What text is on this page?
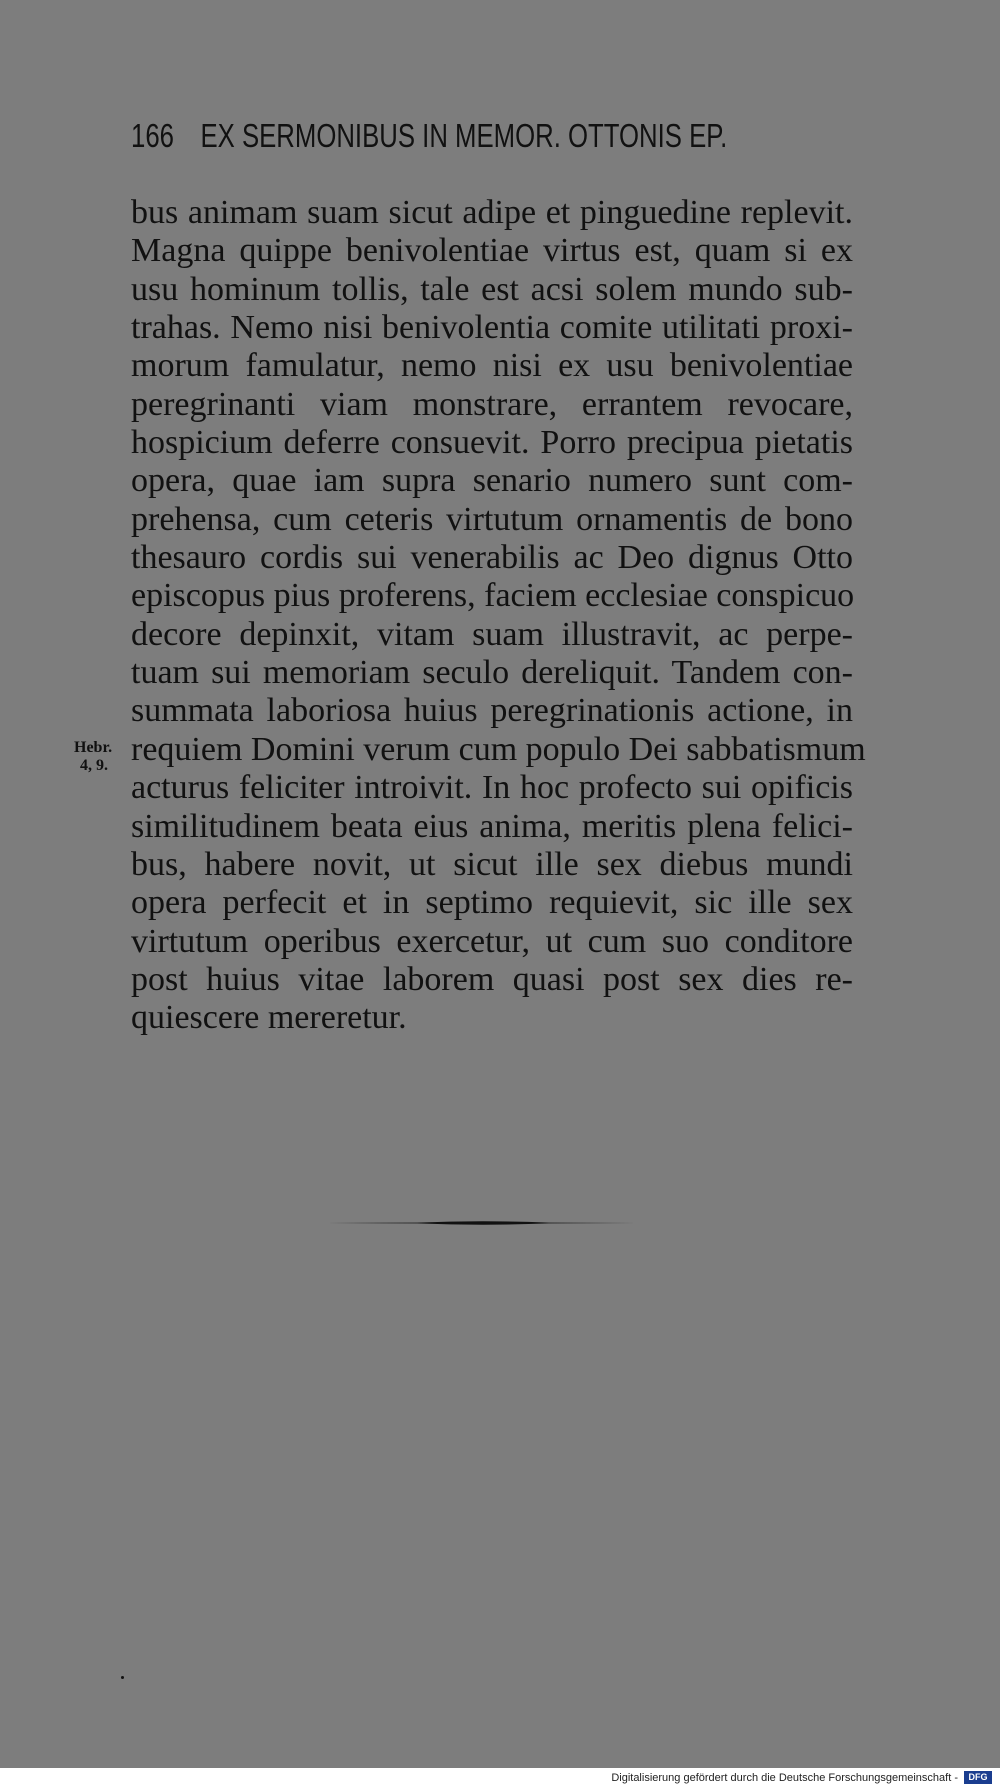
166 EX SERMONIBUS IN MEMOR. OTTONIS EP.
Hebr.
4, 9.
bus animam suam sicut adipe et pinguedine replevit.
Magna quippe benivolentiae virtus est, quam si ex
usu hominum tollis, tale est acsi solem mundo sub-
trahas. Nemo nisi benivolentia comite utilitati proxi-
morum famulatur, nemo nisi ex usu benivolentiae
peregrinanti viam monstrare, errantem revocare,
hospicium deferre consuevit. Porro precipua pietatis
opera, quae iam supra senario numero sunt com-
prehensa, cum ceteris virtutum ornamentis de bono
thesauro cordis sui venerabilis ac Deo dignus Otto
episcopus pius proferens, faciem ecclesiae conspicuo
decore depinxit, vitam suam illustravit, ac perpe-
tuam sui memoriam seculo dereliquit. Tandem con-
summata laboriosa huius peregrinationis actione, in
requiem Domini verum cum populo Dei sabbatismum
acturus feliciter introivit. In hoc profecto sui opificis
similitudinem beata eius anima, meritis plena felici-
bus, habere novit, ut sicut ille sex diebus mundi
opera perfecit et in septimo requievit, sic ille sex
virtutum operibus exercetur, ut cum suo conditore
post huius vitae laborem quasi post sex dies re-
quiescere mereretur.
Digitalisierung gefördert durch die Deutsche Forschungsgemeinschaft -	DFG
